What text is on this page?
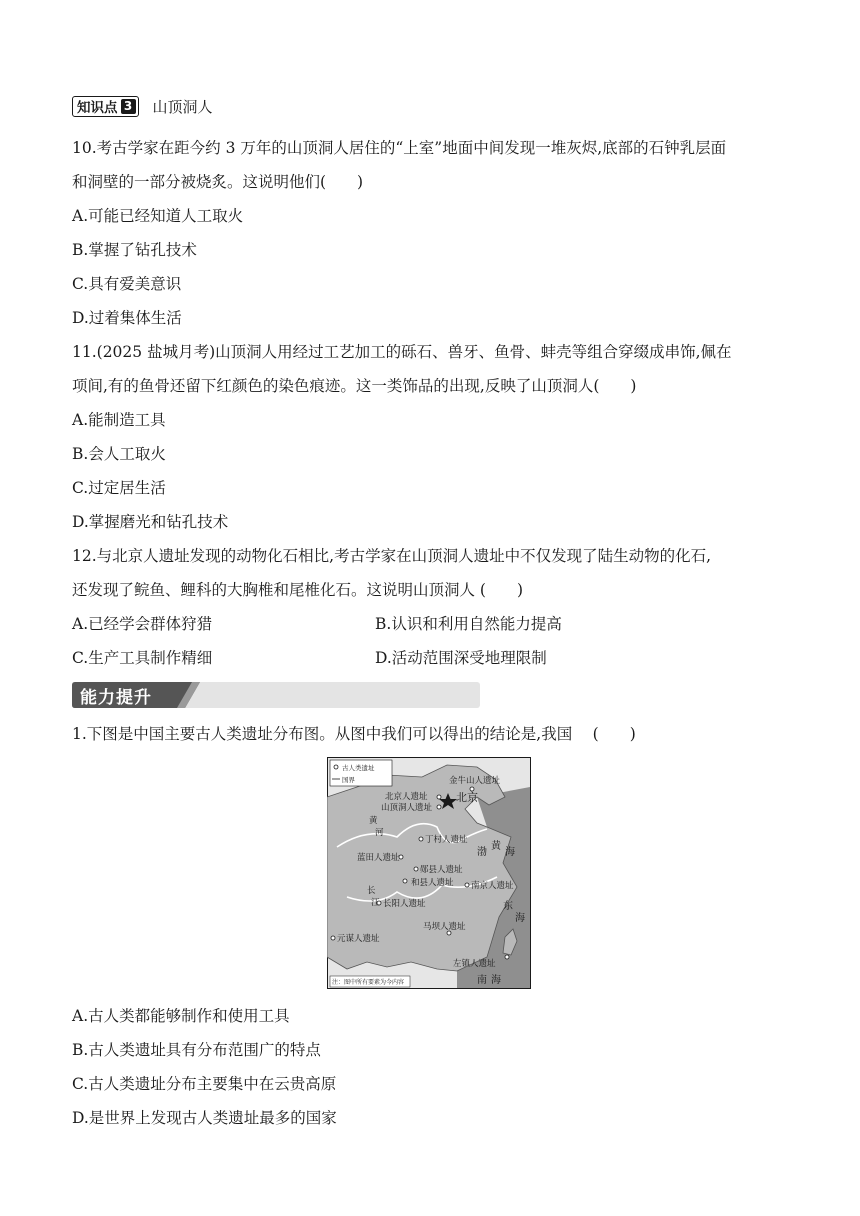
知识点 3 山顶洞人
10.考古学家在距今约 3 万年的山顶洞人居住的“上室”地面中间发现一堆灰烬,底部的石钟乳层面
和洞壁的一部分被烧炙。这说明他们(　　)
A.可能已经知道人工取火
B.掌握了钻孔技术
C.具有爱美意识
D.过着集体生活
11.(2025 盐城月考)山顶洞人用经过工艺加工的砾石、兽牙、鱼骨、蚌壳等组合穿缀成串饰,佩在
项间,有的鱼骨还留下红颜色的染色痕迹。这一类饰品的出现,反映了山顶洞人(　　)
A.能制造工具
B.会人工取火
C.过定居生活
D.掌握磨光和钻孔技术
12.与北京人遗址发现的动物化石相比,考古学家在山顶洞人遗址中不仅发现了陆生动物的化石,
还发现了鲩鱼、鲤科的大胸椎和尾椎化石。这说明山顶洞人 (　　)
A.已经学会群体狩猎	B.认识和利用自然能力提高
C.生产工具制作精细	D.活动范围深受地理限制
能力提升
1.下图是中国主要古人类遗址分布图。从图中我们可以得出的结论是,我国　 (　　)
古人类遗址
国界
北京
金牛山人遗址
北京人遗址
山顶洞人遗址
丁村人遗址
蓝田人遗址
郧县人遗址
和县人遗址 南京人遗址
长阳人遗址
元谋人遗址
马坝人遗址
左镇人遗址
黄
河
长
江
渤
黄
海
东
海
南 海
注：图中所有要素为今内容
A.古人类都能够制作和使用工具
B.古人类遗址具有分布范围广的特点
C.古人类遗址分布主要集中在云贵高原
D.是世界上发现古人类遗址最多的国家
